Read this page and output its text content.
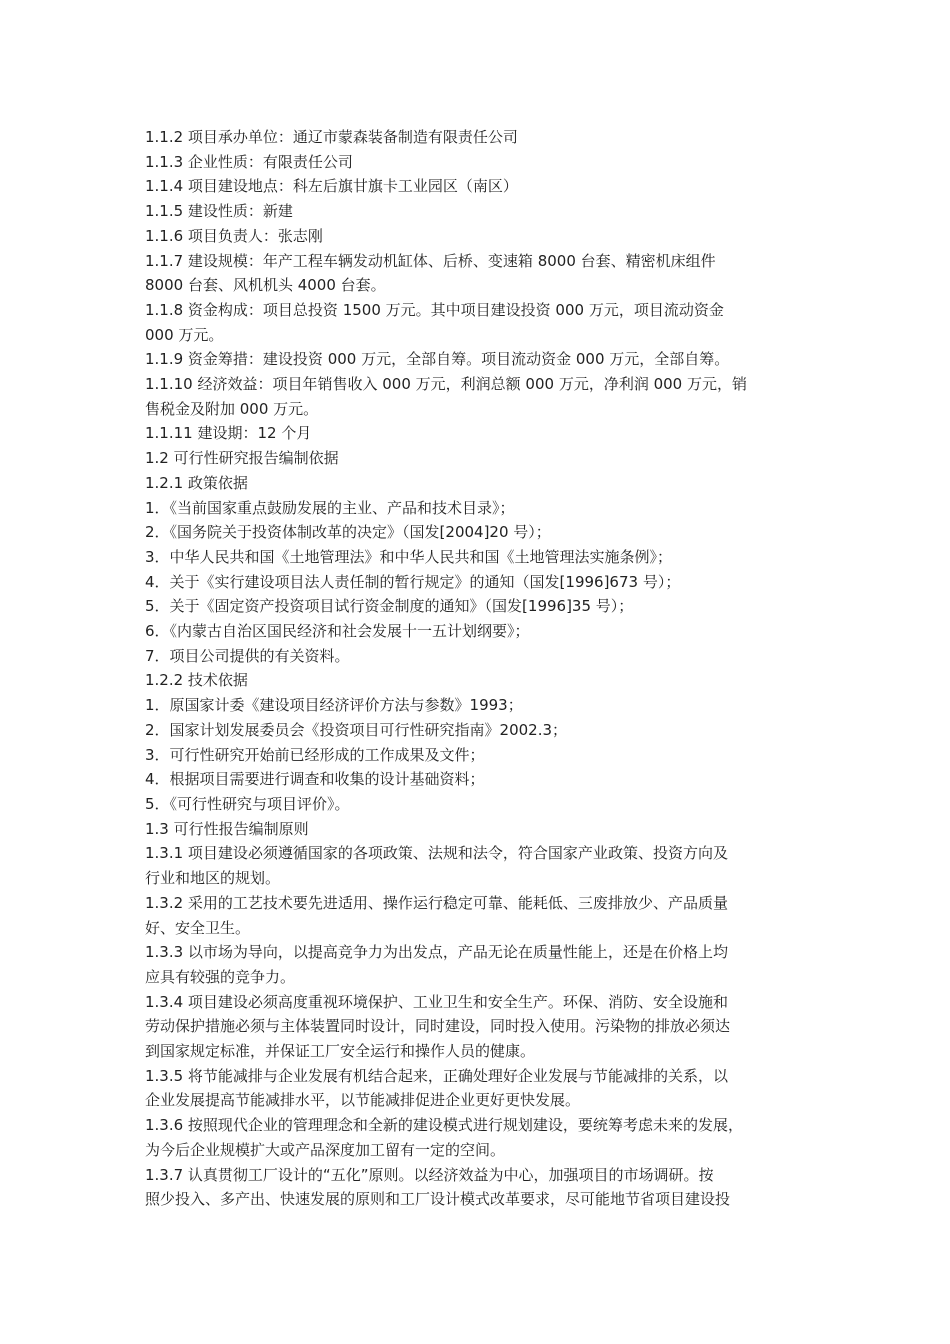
1.1.2 项目承办单位：通辽市蒙森装备制造有限责任公司
1.1.3 企业性质：有限责任公司
1.1.4 项目建设地点：科左后旗甘旗卡工业园区（南区）
1.1.5 建设性质：新建
1.1.6 项目负责人：张志刚
1.1.7 建设规模：年产工程车辆发动机缸体、后桥、变速箱 8000 台套、精密机床组件
8000 台套、风机机头 4000 台套。
1.1.8 资金构成：项目总投资 1500 万元。其中项目建设投资 000 万元，项目流动资金
000 万元。
1.1.9 资金筹措：建设投资 000 万元，全部自筹。项目流动资金 000 万元，全部自筹。
1.1.10 经济效益：项目年销售收入 000 万元，利润总额 000 万元，净利润 000 万元，销
售税金及附加 000 万元。
1.1.11 建设期：12 个月
1.2 可行性研究报告编制依据
1.2.1 政策依据
1．《当前国家重点鼓励发展的主业、产品和技术目录》；
2．《国务院关于投资体制改革的决定》（国发[2004]20 号）；
3．中华人民共和国《土地管理法》和中华人民共和国《土地管理法实施条例》；
4．关于《实行建设项目法人责任制的暂行规定》的通知（国发[1996]673 号）；
5．关于《固定资产投资项目试行资金制度的通知》（国发[1996]35 号）；
6．《内蒙古自治区国民经济和社会发展十一五计划纲要》；
7．项目公司提供的有关资料。
1.2.2 技术依据
1．原国家计委《建设项目经济评价方法与参数》1993；
2．国家计划发展委员会《投资项目可行性研究指南》2002.3；
3．可行性研究开始前已经形成的工作成果及文件；
4．根据项目需要进行调查和收集的设计基础资料；
5．《可行性研究与项目评价》。
1.3 可行性报告编制原则
1.3.1 项目建设必须遵循国家的各项政策、法规和法令，符合国家产业政策、投资方向及
行业和地区的规划。
1.3.2 采用的工艺技术要先进适用、操作运行稳定可靠、能耗低、三废排放少、产品质量
好、安全卫生。
1.3.3 以市场为导向，以提高竞争力为出发点，产品无论在质量性能上，还是在价格上均
应具有较强的竞争力。
1.3.4 项目建设必须高度重视环境保护、工业卫生和安全生产。环保、消防、安全设施和
劳动保护措施必须与主体装置同时设计，同时建设，同时投入使用。污染物的排放必须达
到国家规定标准，并保证工厂安全运行和操作人员的健康。
1.3.5 将节能减排与企业发展有机结合起来，正确处理好企业发展与节能减排的关系，以
企业发展提高节能减排水平，以节能减排促进企业更好更快发展。
1.3.6 按照现代企业的管理理念和全新的建设模式进行规划建设，要统筹考虑未来的发展，
为今后企业规模扩大或产品深度加工留有一定的空间。
1.3.7 认真贯彻工厂设计的“五化”原则。以经济效益为中心，加强项目的市场调研。按
照少投入、多产出、快速发展的原则和工厂设计模式改革要求，尽可能地节省项目建设投
